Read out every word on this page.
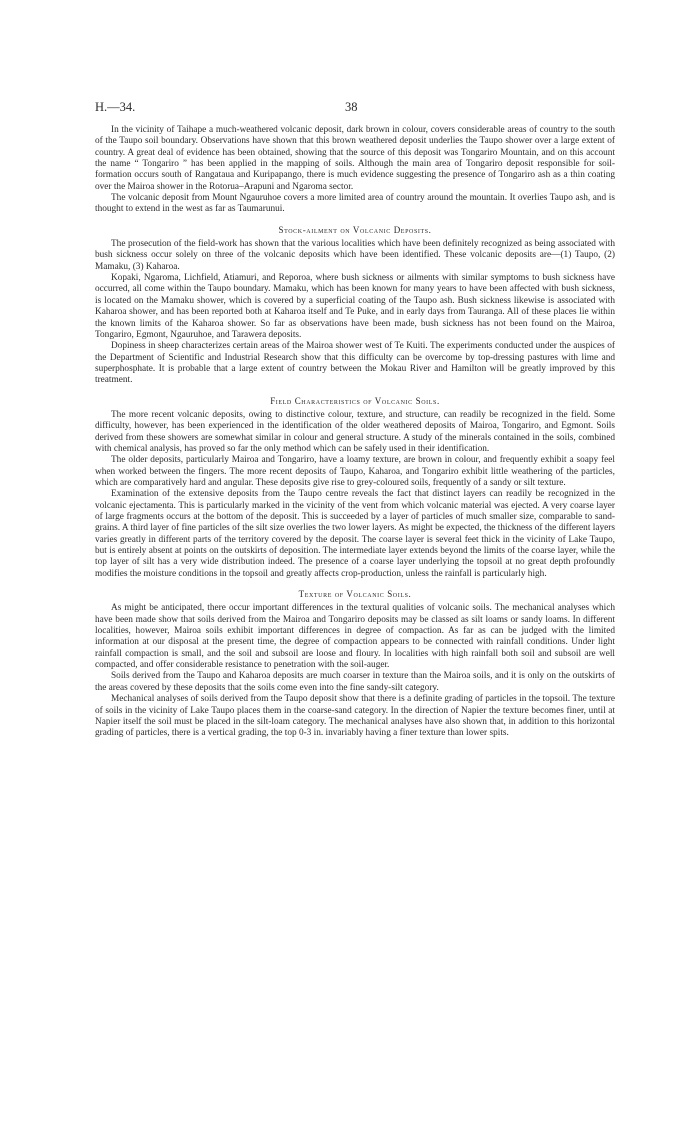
H.—34.	38

In the vicinity of Taihape a much-weathered volcanic deposit, dark brown in colour, covers considerable areas of country to the south of the Taupo soil boundary. Observations have shown that this brown weathered deposit underlies the Taupo shower over a large extent of country. A great deal of evidence has been obtained, showing that the source of this deposit was Tongariro Mountain, and on this account the name “ Tongariro ” has been applied in the mapping of soils. Although the main area of Tongariro deposit responsible for soil-formation occurs south of Rangataua and Kuripapango, there is much evidence suggesting the presence of Tongariro ash as a thin coating over the Mairoa shower in the Rotorua–Arapuni and Ngaroma sector.

The volcanic deposit from Mount Ngauruhoe covers a more limited area of country around the mountain. It overlies Taupo ash, and is thought to extend in the west as far as Taumarunui.

Stock-ailment on Volcanic Deposits.

The prosecution of the field-work has shown that the various localities which have been definitely recognized as being associated with bush sickness occur solely on three of the volcanic deposits which have been identified. These volcanic deposits are—(1) Taupo, (2) Mamaku, (3) Kaharoa.

Kopaki, Ngaroma, Lichfield, Atiamuri, and Reporoa, where bush sickness or ailments with similar symptoms to bush sickness have occurred, all come within the Taupo boundary. Mamaku, which has been known for many years to have been affected with bush sickness, is located on the Mamaku shower, which is covered by a superficial coating of the Taupo ash. Bush sickness likewise is associated with Kaharoa shower, and has been reported both at Kaharoa itself and Te Puke, and in early days from Tauranga. All of these places lie within the known limits of the Kaharoa shower. So far as observations have been made, bush sickness has not been found on the Mairoa, Tongariro, Egmont, Ngauruhoe, and Tarawera deposits.

Dopiness in sheep characterizes certain areas of the Mairoa shower west of Te Kuiti. The experiments conducted under the auspices of the Department of Scientific and Industrial Research show that this difficulty can be overcome by top-dressing pastures with lime and superphosphate. It is probable that a large extent of country between the Mokau River and Hamilton will be greatly improved by this treatment.

Field Characteristics of Volcanic Soils.

The more recent volcanic deposits, owing to distinctive colour, texture, and structure, can readily be recognized in the field. Some difficulty, however, has been experienced in the identification of the older weathered deposits of Mairoa, Tongariro, and Egmont. Soils derived from these showers are somewhat similar in colour and general structure. A study of the minerals contained in the soils, combined with chemical analysis, has proved so far the only method which can be safely used in their identification.

The older deposits, particularly Mairoa and Tongariro, have a loamy texture, are brown in colour, and frequently exhibit a soapy feel when worked between the fingers. The more recent deposits of Taupo, Kaharoa, and Tongariro exhibit little weathering of the particles, which are comparatively hard and angular. These deposits give rise to grey-coloured soils, frequently of a sandy or silt texture.

Examination of the extensive deposits from the Taupo centre reveals the fact that distinct layers can readily be recognized in the volcanic ejectamenta. This is particularly marked in the vicinity of the vent from which volcanic material was ejected. A very coarse layer of large fragments occurs at the bottom of the deposit. This is succeeded by a layer of particles of much smaller size, comparable to sand-grains. A third layer of fine particles of the silt size overlies the two lower layers. As might be expected, the thickness of the different layers varies greatly in different parts of the territory covered by the deposit. The coarse layer is several feet thick in the vicinity of Lake Taupo, but is entirely absent at points on the outskirts of deposition. The intermediate layer extends beyond the limits of the coarse layer, while the top layer of silt has a very wide distribution indeed. The presence of a coarse layer underlying the topsoil at no great depth profoundly modifies the moisture conditions in the topsoil and greatly affects crop-production, unless the rainfall is particularly high.

Texture of Volcanic Soils.

As might be anticipated, there occur important differences in the textural qualities of volcanic soils. The mechanical analyses which have been made show that soils derived from the Mairoa and Tongariro deposits may be classed as silt loams or sandy loams. In different localities, however, Mairoa soils exhibit important differences in degree of compaction. As far as can be judged with the limited information at our disposal at the present time, the degree of compaction appears to be connected with rainfall conditions. Under light rainfall compaction is small, and the soil and subsoil are loose and floury. In localities with high rainfall both soil and subsoil are well compacted, and offer considerable resistance to penetration with the soil-auger.

Soils derived from the Taupo and Kaharoa deposits are much coarser in texture than the Mairoa soils, and it is only on the outskirts of the areas covered by these deposits that the soils come even into the fine sandy-silt category.

Mechanical analyses of soils derived from the Taupo deposit show that there is a definite grading of particles in the topsoil. The texture of soils in the vicinity of Lake Taupo places them in the coarse-sand category. In the direction of Napier the texture becomes finer, until at Napier itself the soil must be placed in the silt-loam category. The mechanical analyses have also shown that, in addition to this horizontal grading of particles, there is a vertical grading, the top 0-3 in. invariably having a finer texture than lower spits.
